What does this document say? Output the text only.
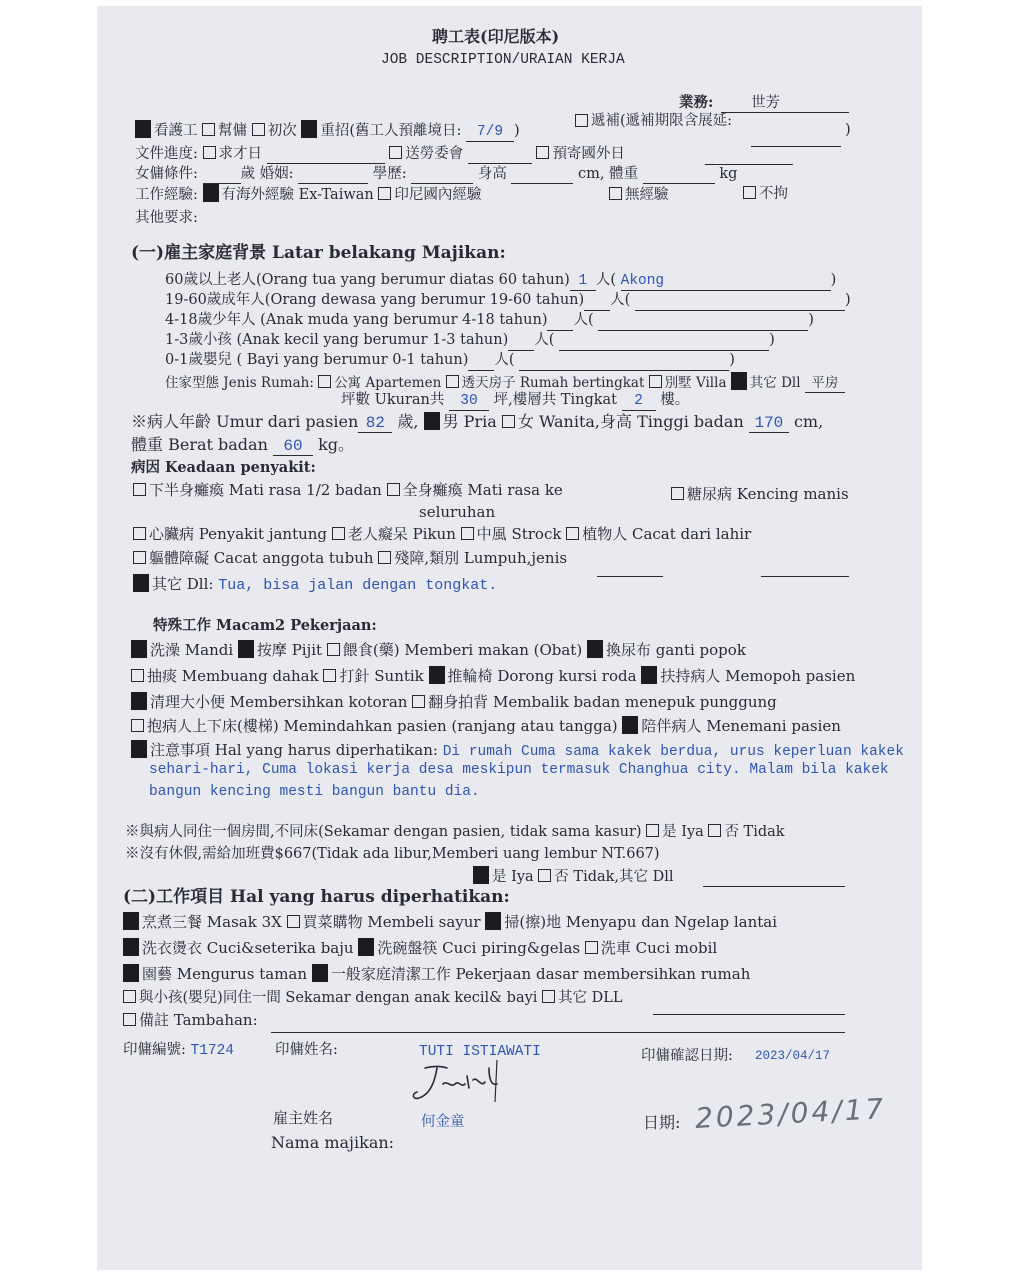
聘工表(印尼版本)
JOB DESCRIPTION/URAIAN KERJA
業務:	世芳
看護工 幫傭 初次 重招(舊工人預離境日: 7/9 )
遞補(遞補期限含展延:
)
文件進度: 求才日	送勞委會	預寄國外日
女傭條件:	歲 婚姻:	學歷:	身高	cm, 體重	kg
工作經驗: 有海外經驗 Ex-Taiwan 印尼國內經驗	無經驗	不拘
其他要求:
(一)雇主家庭背景 Latar belakang Majikan:
60歲以上老人(Orang tua yang berumur diatas 60 tahun) 1 人( Akong	)
19-60歲成年人(Orang dewasa yang berumur 19-60 tahun) 人(	)
4-18歲少年人 (Anak muda yang berumur 4-18 tahun) 人(	)
1-3歲小孩 (Anak kecil yang berumur 1-3 tahun) 人(	)
0-1歲嬰兒 ( Bayi yang berumur 0-1 tahun) 人(	)
住家型態 Jenis Rumah: 公寓 Apartemen 透天房子 Rumah bertingkat 別墅 Villa 其它 Dll 平房
坪數 Ukuran共 30 坪,樓層共 Tingkat 2 樓。
※病人年齡 Umur dari pasien 82 歲, 男 Pria 女 Wanita,身高 Tinggi badan 170 cm,
體重 Berat badan 60 kg。
病因 Keadaan penyakit:
下半身癱瘓 Mati rasa 1/2 badan 全身癱瘓 Mati rasa ke
seluruhan
糖尿病 Kencing manis
心臟病 Penyakit jantung 老人癡呆 Pikun 中風 Strock 植物人 Cacat dari lahir
軀體障礙 Cacat anggota tubuh 殘障,類別 Lumpuh,jenis
其它 Dll: Tua, bisa jalan dengan tongkat.
特殊工作 Macam2 Pekerjaan:
洗澡 Mandi 按摩 Pijit 餵食(藥) Memberi makan (Obat) 換尿布 ganti popok
抽痰 Membuang dahak 打針 Suntik 推輪椅 Dorong kursi roda 扶持病人 Memopoh pasien
清理大小便 Membersihkan kotoran 翻身拍背 Membalik badan menepuk punggung
抱病人上下床(樓梯) Memindahkan pasien (ranjang atau tangga) 陪伴病人 Menemani pasien
注意事項 Hal yang harus diperhatikan: Di rumah Cuma sama kakek berdua, urus keperluan kakek
sehari-hari, Cuma lokasi kerja desa meskipun termasuk Changhua city. Malam bila kakek
bangun kencing mesti bangun bantu dia.
※與病人同住一個房間,不同床(Sekamar dengan pasien, tidak sama kasur) 是 Iya 否 Tidak
※沒有休假,需給加班費$667(Tidak ada libur,Memberi uang lembur NT.667)
是 Iya 否 Tidak,其它 Dll
(二)工作項目 Hal yang harus diperhatikan:
烹煮三餐 Masak 3X 買菜購物 Membeli sayur 掃(擦)地 Menyapu dan Ngelap lantai
洗衣燙衣 Cuci&seterika baju 洗碗盤筷 Cuci piring&gelas 洗車 Cuci mobil
園藝 Mengurus taman 一般家庭清潔工作 Pekerjaan dasar membersihkan rumah
與小孩(嬰兒)同住一間 Sekamar dengan anak kecil& bayi 其它 DLL
備註 Tambahan:
印傭編號: T1724	印傭姓名:	TUTI ISTIAWATI	印傭確認日期: 2023/04/17
雇主姓名
Nama majikan:
何金童	日期: 2023/04/17
